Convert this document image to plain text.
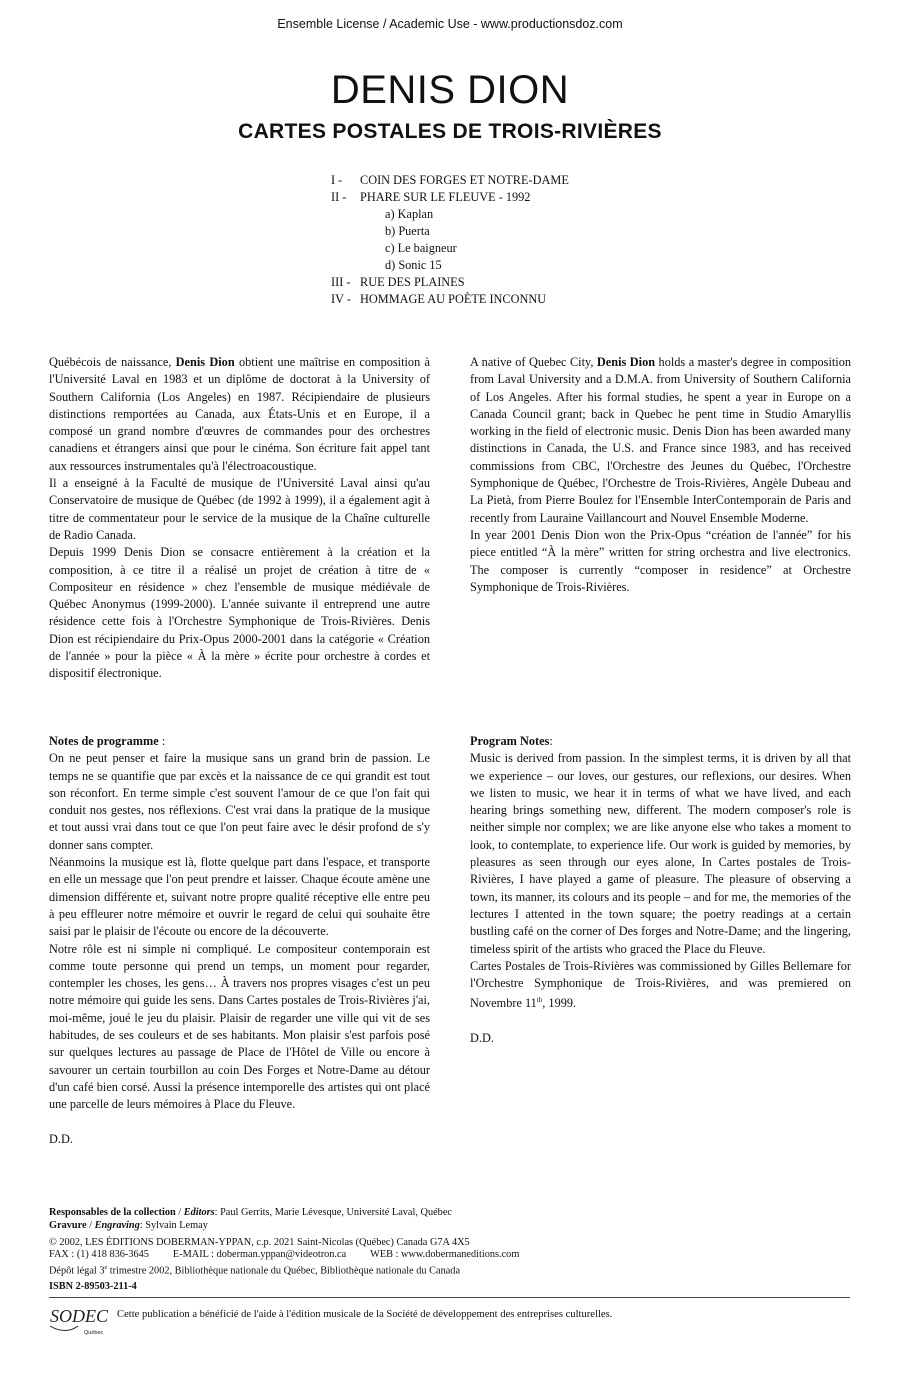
Ensemble License / Academic Use - www.productionsdoz.com
DENIS DION
CARTES POSTALES DE TROIS-RIVIÈRES
I -	COIN DES FORGES ET NOTRE-DAME
II -	PHARE SUR LE FLEUVE - 1992
a) Kaplan
b) Puerta
c) Le baigneur
d) Sonic 15
III - RUE DES PLAINES
IV - HOMMAGE AU POÈTE INCONNU

Québécois de naissance, Denis Dion obtient une maîtrise en composition à l'Université Laval en 1983 et un diplôme de doctorat à la University of Southern California (Los Angeles) en 1987. Récipiendaire de plusieurs distinctions remportées au Canada, aux États-Unis et en Europe, il a composé un grand nombre d'œuvres de commandes pour des orchestres canadiens et étrangers ainsi que pour le cinéma. Son écriture fait appel tant aux ressources instrumentales qu'à l'électroacoustique.

Il a enseigné à la Faculté de musique de l'Université Laval ainsi qu'au Conservatoire de musique de Québec (de 1992 à 1999), il a également agit à titre de commentateur pour le service de la musique de la Chaîne culturelle de Radio Canada.

Depuis 1999 Denis Dion se consacre entièrement à la création et la composition, à ce titre il a réalisé un projet de création à titre de « Compositeur en résidence » chez l'ensemble de musique médiévale de Québec Anonymus (1999-2000). L'année suivante il entreprend une autre résidence cette fois à l'Orchestre Symphonique de Trois-Rivières. Denis Dion est récipiendaire du Prix-Opus 2000-2001 dans la catégorie « Création de l'année » pour la pièce « À la mère » écrite pour orchestre à cordes et dispositif électronique.

A native of Quebec City, Denis Dion holds a master's degree in composition from Laval University and a D.M.A. from University of Southern California of Los Angeles. After his formal studies, he spent a year in Europe on a Canada Council grant; back in Quebec he pent time in Studio Amaryllis working in the field of electronic music. Denis Dion has been awarded many distinctions in Canada, the U.S. and France since 1983, and has received commissions from CBC, l'Orchestre des Jeunes du Québec, l'Orchestre Symphonique de Québec, l'Orchestre de Trois-Rivières, Angèle Dubeau and La Pietà, from Pierre Boulez for l'Ensemble InterContemporain de Paris and recently from Lauraine Vaillancourt and Nouvel Ensemble Moderne.

In year 2001 Denis Dion won the Prix-Opus “création de l'année” for his piece entitled “À la mère” written for string orchestra and live electronics. The composer is currently “composer in residence” at Orchestre Symphonique de Trois-Rivières.

Notes de programme :

On ne peut penser et faire la musique sans un grand brin de passion. Le temps ne se quantifie que par excès et la naissance de ce qui grandit est tout son réconfort. En terme simple c'est souvent l'amour de ce que l'on fait qui conduit nos gestes, nos réflexions. C'est vrai dans la pratique de la musique et tout aussi vrai dans tout ce que l'on peut faire avec le désir profond de s'y donner sans compter.

Néanmoins la musique est là, flotte quelque part dans l'espace, et transporte en elle un message que l'on peut prendre et laisser. Chaque écoute amène une dimension différente et, suivant notre propre qualité réceptive elle entre peu à peu effleurer notre mémoire et ouvrir le regard de celui qui souhaite être saisi par le plaisir de l'écoute ou encore de la découverte.

Notre rôle est ni simple ni compliqué. Le compositeur contemporain est comme toute personne qui prend un temps, un moment pour regarder, contempler les choses, les gens… À travers nos propres visages c'est un peu notre mémoire qui guide les sens. Dans Cartes postales de Trois-Rivières j'ai, moi-même, joué le jeu du plaisir. Plaisir de regarder une ville qui vit de ses habitudes, de ses couleurs et de ses habitants. Mon plaisir s'est parfois posé sur quelques lectures au passage de Place de l'Hôtel de Ville ou encore à savourer un certain tourbillon au coin Des Forges et Notre-Dame au détour d'un café bien corsé. Aussi la présence intemporelle des artistes qui ont placé une parcelle de leurs mémoires à Place du Fleuve.

D.D.

Program Notes:

Music is derived from passion. In the simplest terms, it is driven by all that we experience – our loves, our gestures, our reflexions, our desires. When we listen to music, we hear it in terms of what we have lived, and each hearing brings something new, different. The modern composer's role is neither simple nor complex; we are like anyone else who takes a moment to look, to contemplate, to experience life. Our work is guided by memories, by pleasures as seen through our eyes alone, In Cartes postales de Trois-Rivières, I have played a game of pleasure. The pleasure of observing a town, its manner, its colours and its people – and for me, the memories of the lectures I attented in the town square; the poetry readings at a certain bustling café on the corner of Des forges and Notre-Dame; and the lingering, timeless spirit of the artists who graced the Place du Fleuve.

Cartes Postales de Trois-Rivières was commissioned by Gilles Bellemare for l'Orchestre Symphonique de Trois-Rivières, and was premiered on Novembre 11th, 1999.

D.D.

Responsables de la collection / Editors: Paul Gerrits, Marie Lévesque, Université Laval, Québec
Gravure / Engraving: Sylvain Lemay
© 2002, LES ÉDITIONS DOBERMAN-YPPAN, c.p. 2021 Saint-Nicolas (Québec) Canada G7A 4X5
FAX : (1) 418 836-3645 E-MAIL : doberman.yppan@videotron.ca WEB : www.dobermaneditions.com
Dépôt légal 3e trimestre 2002, Bibliothèque nationale du Québec, Bibliothèque nationale du Canada
ISBN 2-89503-211-4
SODEC
Québec
Cette publication a bénéficié de l'aide à l'édition musicale de la Société de développement des entreprises culturelles.
